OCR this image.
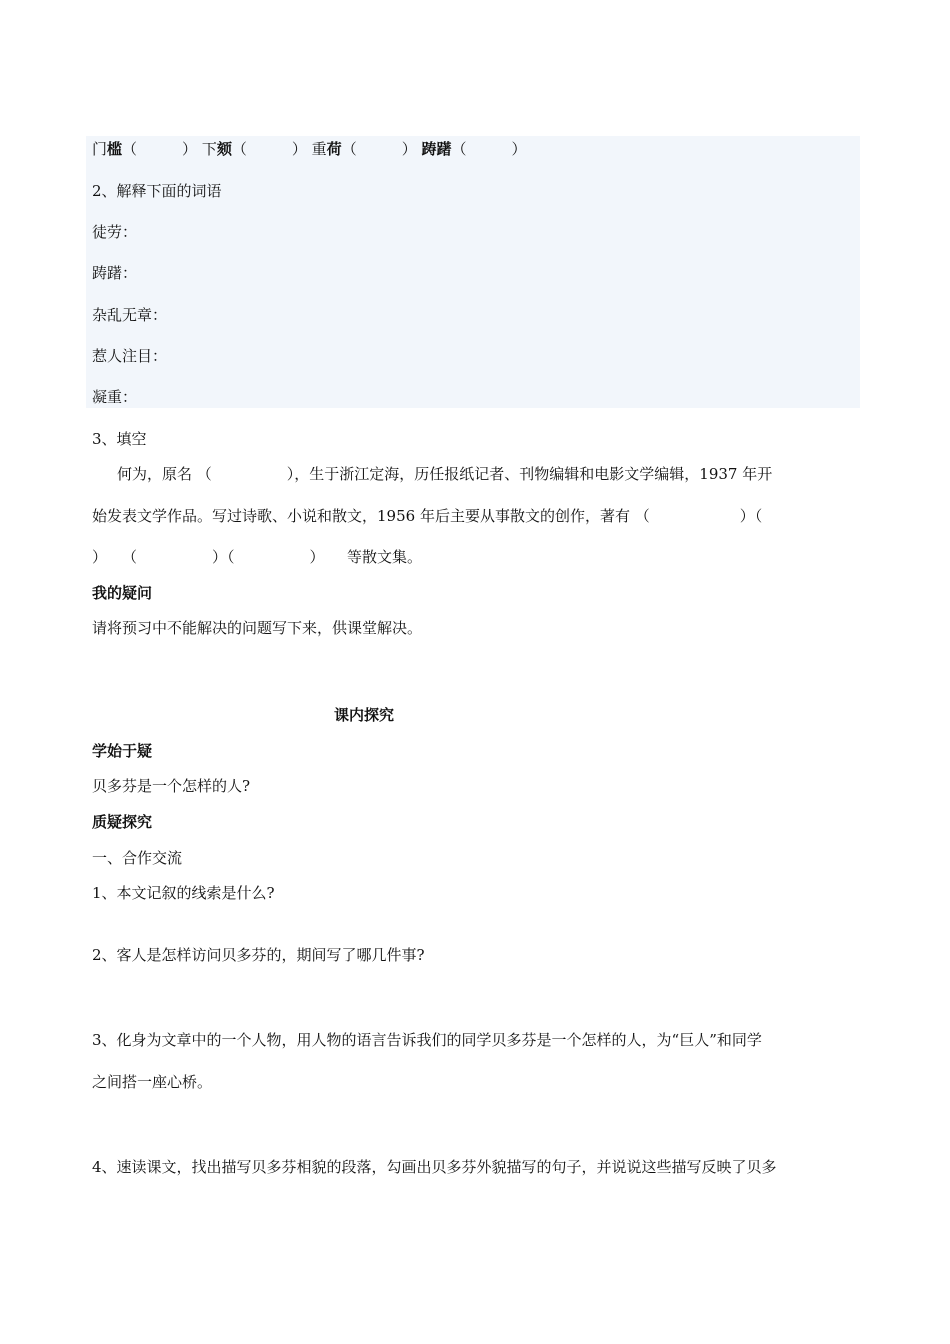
门槛（　　　） 下颏（　　　） 重荷（　　　） 踌躇（　　　）
2、解释下面的词语
徒劳：
踌躇：
杂乱无章：
惹人注目：
凝重：
3、填空
何为，原名 （　　　　　），生于浙江定海，历任报纸记者、刊物编辑和电影文学编辑，1937 年开
始发表文学作品。写过诗歌、小说和散文，1956 年后主要从事散文的创作，著有 （　　　　　　）（
）　　（　　　　　）（　　　　　）　　等散文集。
我的疑问
请将预习中不能解决的问题写下来，供课堂解决。
课内探究
学始于疑
贝多芬是一个怎样的人?
质疑探究
一、合作交流
1、本文记叙的线索是什么?
2、客人是怎样访问贝多芬的，期间写了哪几件事?
3、化身为文章中的一个人物，用人物的语言告诉我们的同学贝多芬是一个怎样的人，为“巨人”和同学
之间搭一座心桥。
4、速读课文，找出描写贝多芬相貌的段落，勾画出贝多芬外貌描写的句子，并说说这些描写反映了贝多
